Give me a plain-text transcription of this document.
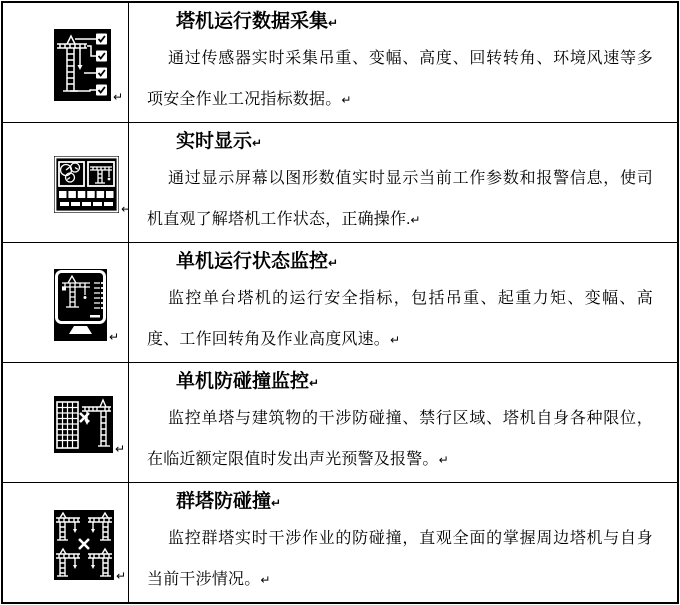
↵
塔机运行数据采集↵

通过传感器实时采集吊重、变幅、高度、回转转角、环境风速等多项安全作业工况指标数据。↵

↵
实时显示↵

通过显示屏幕以图形数值实时显示当前工作参数和报警信息，使司机直观了解塔机工作状态，正确操作.↵

↵
单机运行状态监控↵

监控单台塔机的运行安全指标，包括吊重、起重力矩、变幅、高度、工作回转角及作业高度风速。↵

↵
单机防碰撞监控↵

监控单塔与建筑物的干涉防碰撞、禁行区域、塔机自身各种限位，在临近额定限值时发出声光预警及报警。↵

↵
群塔防碰撞↵

监控群塔实时干涉作业的防碰撞，直观全面的掌握周边塔机与自身当前干涉情况。↵
